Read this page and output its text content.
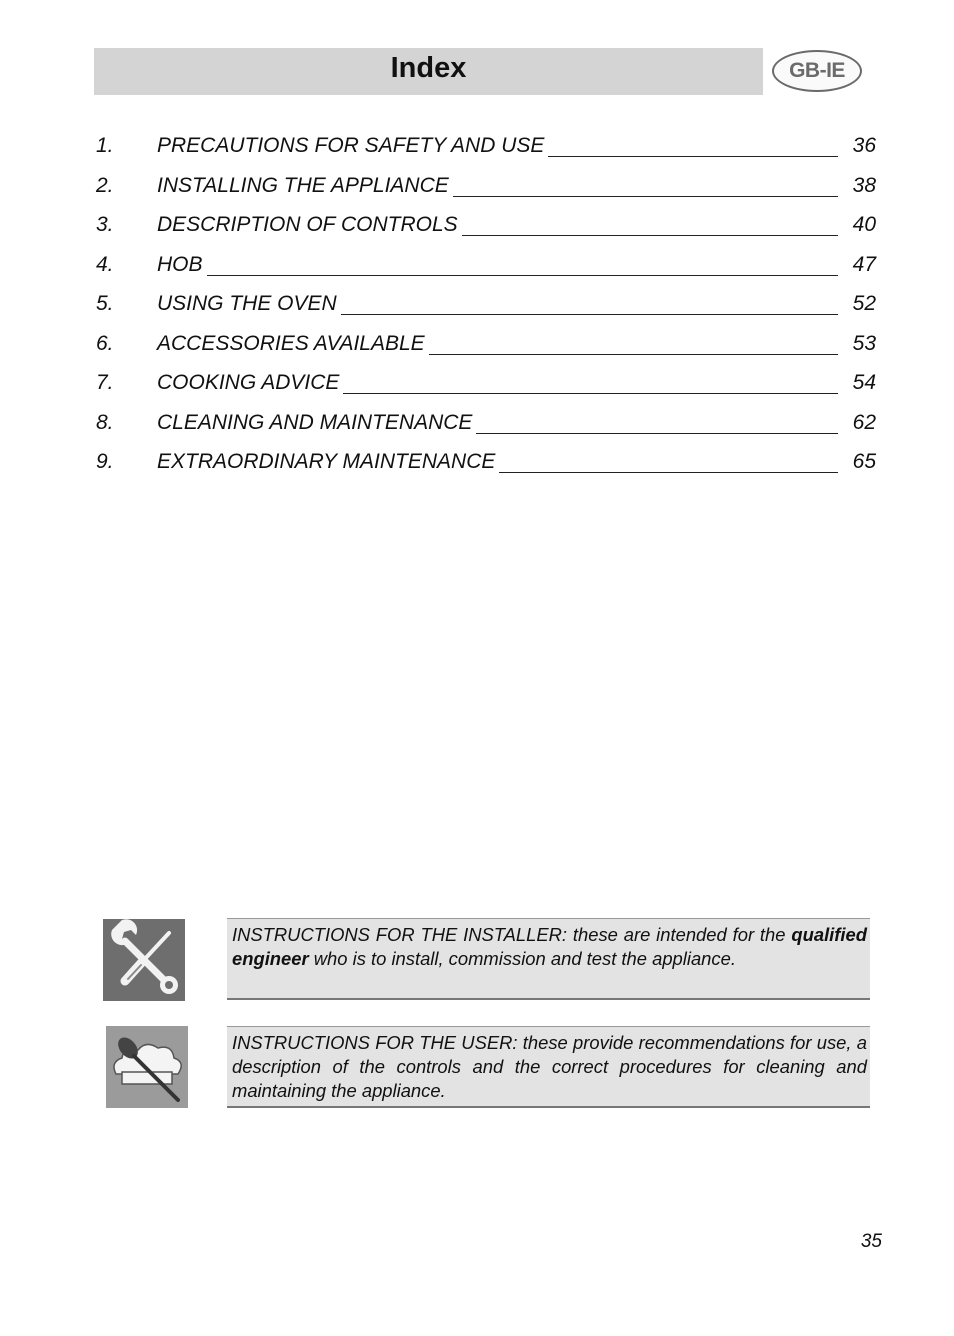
Index	GB-IE
1. PRECAUTIONS FOR SAFETY AND USE	36
2. INSTALLING THE APPLIANCE	38
3. DESCRIPTION OF CONTROLS	40
4. HOB	47
5. USING THE OVEN	52
6. ACCESSORIES AVAILABLE	53
7. COOKING ADVICE	54
8. CLEANING AND MAINTENANCE	62
9. EXTRAORDINARY MAINTENANCE	65
INSTRUCTIONS FOR THE INSTALLER: these are intended for the qualified engineer who is to install, commission and test the appliance.
INSTRUCTIONS FOR THE USER: these provide recommendations for use, a description of the controls and the correct procedures for cleaning and maintaining the appliance.
35
